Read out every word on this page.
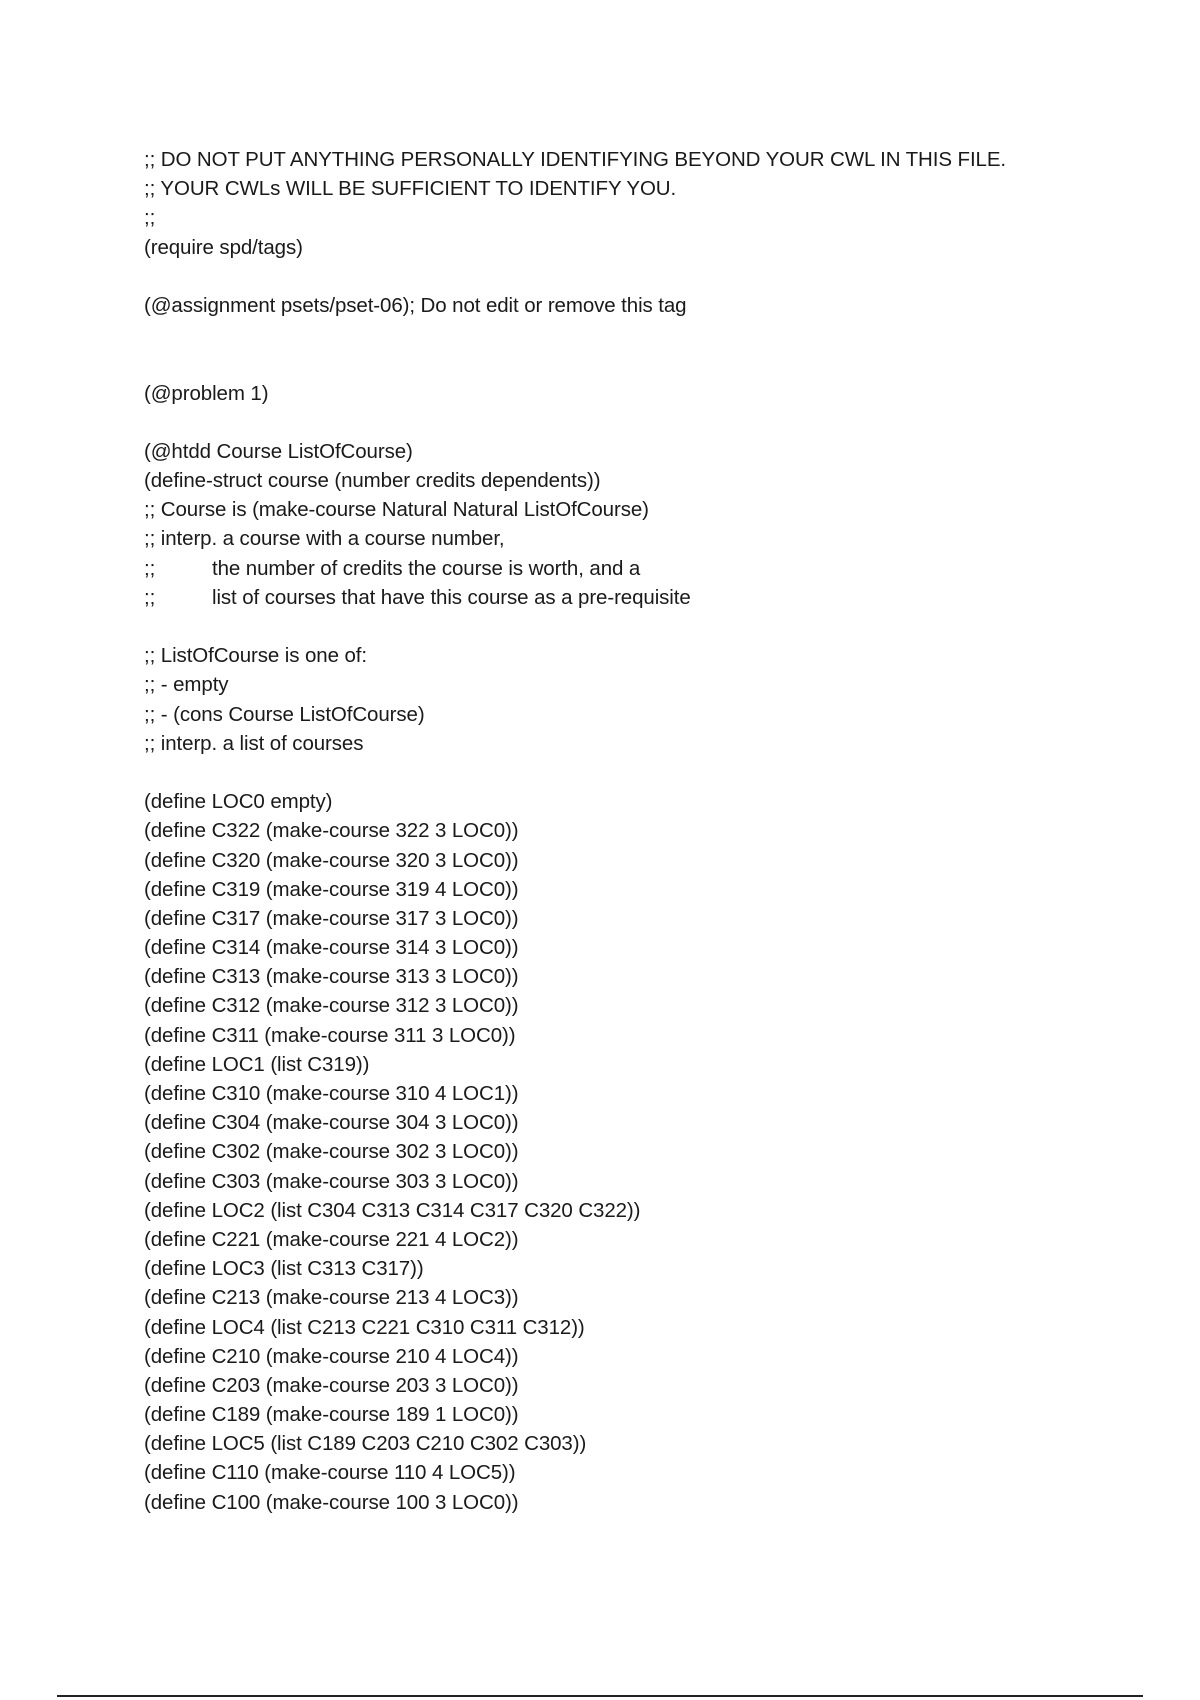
;; DO NOT PUT ANYTHING PERSONALLY IDENTIFYING BEYOND YOUR CWL IN THIS FILE.
;; YOUR CWLs WILL BE SUFFICIENT TO IDENTIFY YOU.
;;
(require spd/tags)
(@assignment psets/pset-06); Do not edit or remove this tag
(@problem 1)
(@htdd Course ListOfCourse)
(define-struct course (number credits dependents))
;; Course is (make-course Natural Natural ListOfCourse)
;; interp. a course with a course number,
;;	the number of credits the course is worth, and a
;;	list of courses that have this course as a pre-requisite
;; ListOfCourse is one of:
;; - empty
;; - (cons Course ListOfCourse)
;; interp. a list of courses
(define LOC0 empty)
(define C322 (make-course 322 3 LOC0))
(define C320 (make-course 320 3 LOC0))
(define C319 (make-course 319 4 LOC0))
(define C317 (make-course 317 3 LOC0))
(define C314 (make-course 314 3 LOC0))
(define C313 (make-course 313 3 LOC0))
(define C312 (make-course 312 3 LOC0))
(define C311 (make-course 311 3 LOC0))
(define LOC1 (list C319))
(define C310 (make-course 310 4 LOC1))
(define C304 (make-course 304 3 LOC0))
(define C302 (make-course 302 3 LOC0))
(define C303 (make-course 303 3 LOC0))
(define LOC2 (list C304 C313 C314 C317 C320 C322))
(define C221 (make-course 221 4 LOC2))
(define LOC3 (list C313 C317))
(define C213 (make-course 213 4 LOC3))
(define LOC4 (list C213 C221 C310 C311 C312))
(define C210 (make-course 210 4 LOC4))
(define C203 (make-course 203 3 LOC0))
(define C189 (make-course 189 1 LOC0))
(define LOC5 (list C189 C203 C210 C302 C303))
(define C110 (make-course 110 4 LOC5))
(define C100 (make-course 100 3 LOC0))
